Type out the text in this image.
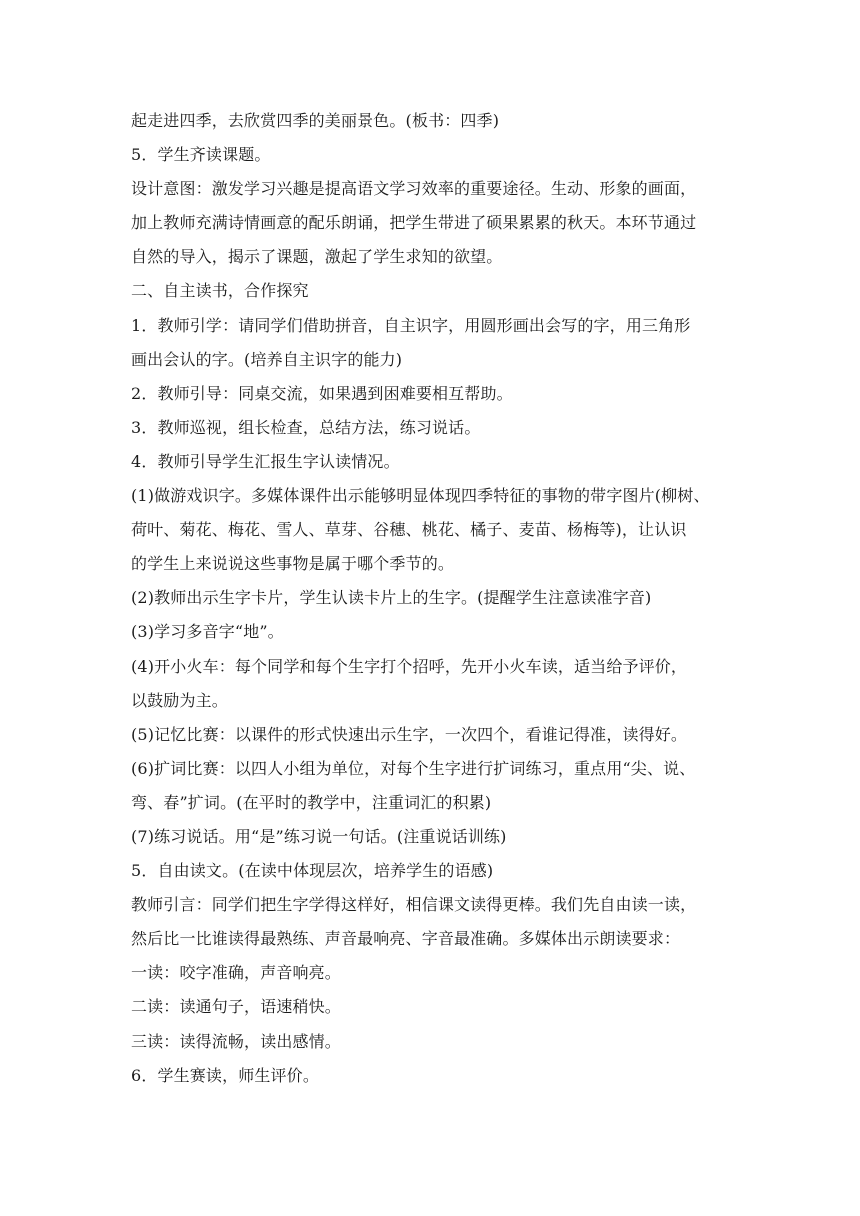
起走进四季，去欣赏四季的美丽景色。(板书：四季)
5．学生齐读课题。
设计意图：激发学习兴趣是提高语文学习效率的重要途径。生动、形象的画面，
加上教师充满诗情画意的配乐朗诵，把学生带进了硕果累累的秋天。本环节通过
自然的导入，揭示了课题，激起了学生求知的欲望。
二、自主读书，合作探究
1．教师引学：请同学们借助拼音，自主识字，用圆形画出会写的字，用三角形
画出会认的字。(培养自主识字的能力)
2．教师引导：同桌交流，如果遇到困难要相互帮助。
3．教师巡视，组长检查，总结方法，练习说话。
4．教师引导学生汇报生字认读情况。
(1)做游戏识字。多媒体课件出示能够明显体现四季特征的事物的带字图片(柳树、
荷叶、菊花、梅花、雪人、草芽、谷穗、桃花、橘子、麦苗、杨梅等)，让认识
的学生上来说说这些事物是属于哪个季节的。
(2)教师出示生字卡片，学生认读卡片上的生字。(提醒学生注意读准字音)
(3)学习多音字“地”。
(4)开小火车：每个同学和每个生字打个招呼，先开小火车读，适当给予评价，
以鼓励为主。
(5)记忆比赛：以课件的形式快速出示生字，一次四个，看谁记得准，读得好。
(6)扩词比赛：以四人小组为单位，对每个生字进行扩词练习，重点用“尖、说、
弯、春”扩词。(在平时的教学中，注重词汇的积累)
(7)练习说话。用“是”练习说一句话。(注重说话训练)
5．自由读文。(在读中体现层次，培养学生的语感)
教师引言：同学们把生字学得这样好，相信课文读得更棒。我们先自由读一读，
然后比一比谁读得最熟练、声音最响亮、字音最准确。多媒体出示朗读要求：
一读：咬字准确，声音响亮。
二读：读通句子，语速稍快。
三读：读得流畅，读出感情。
6．学生赛读，师生评价。
